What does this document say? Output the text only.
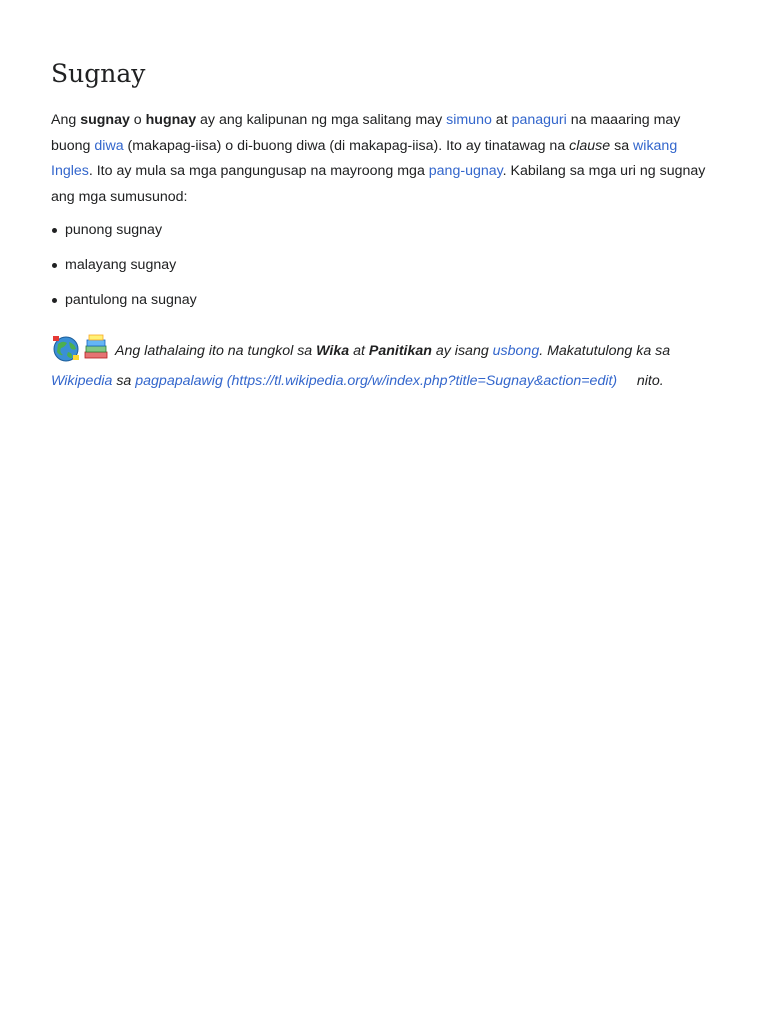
Sugnay

Ang sugnay o hugnay ay ang kalipunan ng mga salitang may simuno at panaguri na maaaring may buong diwa (makapag-iisa) o di-buong diwa (di makapag-iisa). Ito ay tinatawag na clause sa wikang Ingles. Ito ay mula sa mga pangungusap na mayroong mga pang-ugnay. Kabilang sa mga uri ng sugnay ang mga sumusunod:

punong sugnay
malayang sugnay
pantulong na sugnay
Ang lathalaing ito na tungkol sa Wika at Panitikan ay isang usbong. Makatutulong ka sa
Wikipedia sa pagpapalawig (https://tl.wikipedia.org/w/index.php?title=Sugnay&action=edit)     nito.
